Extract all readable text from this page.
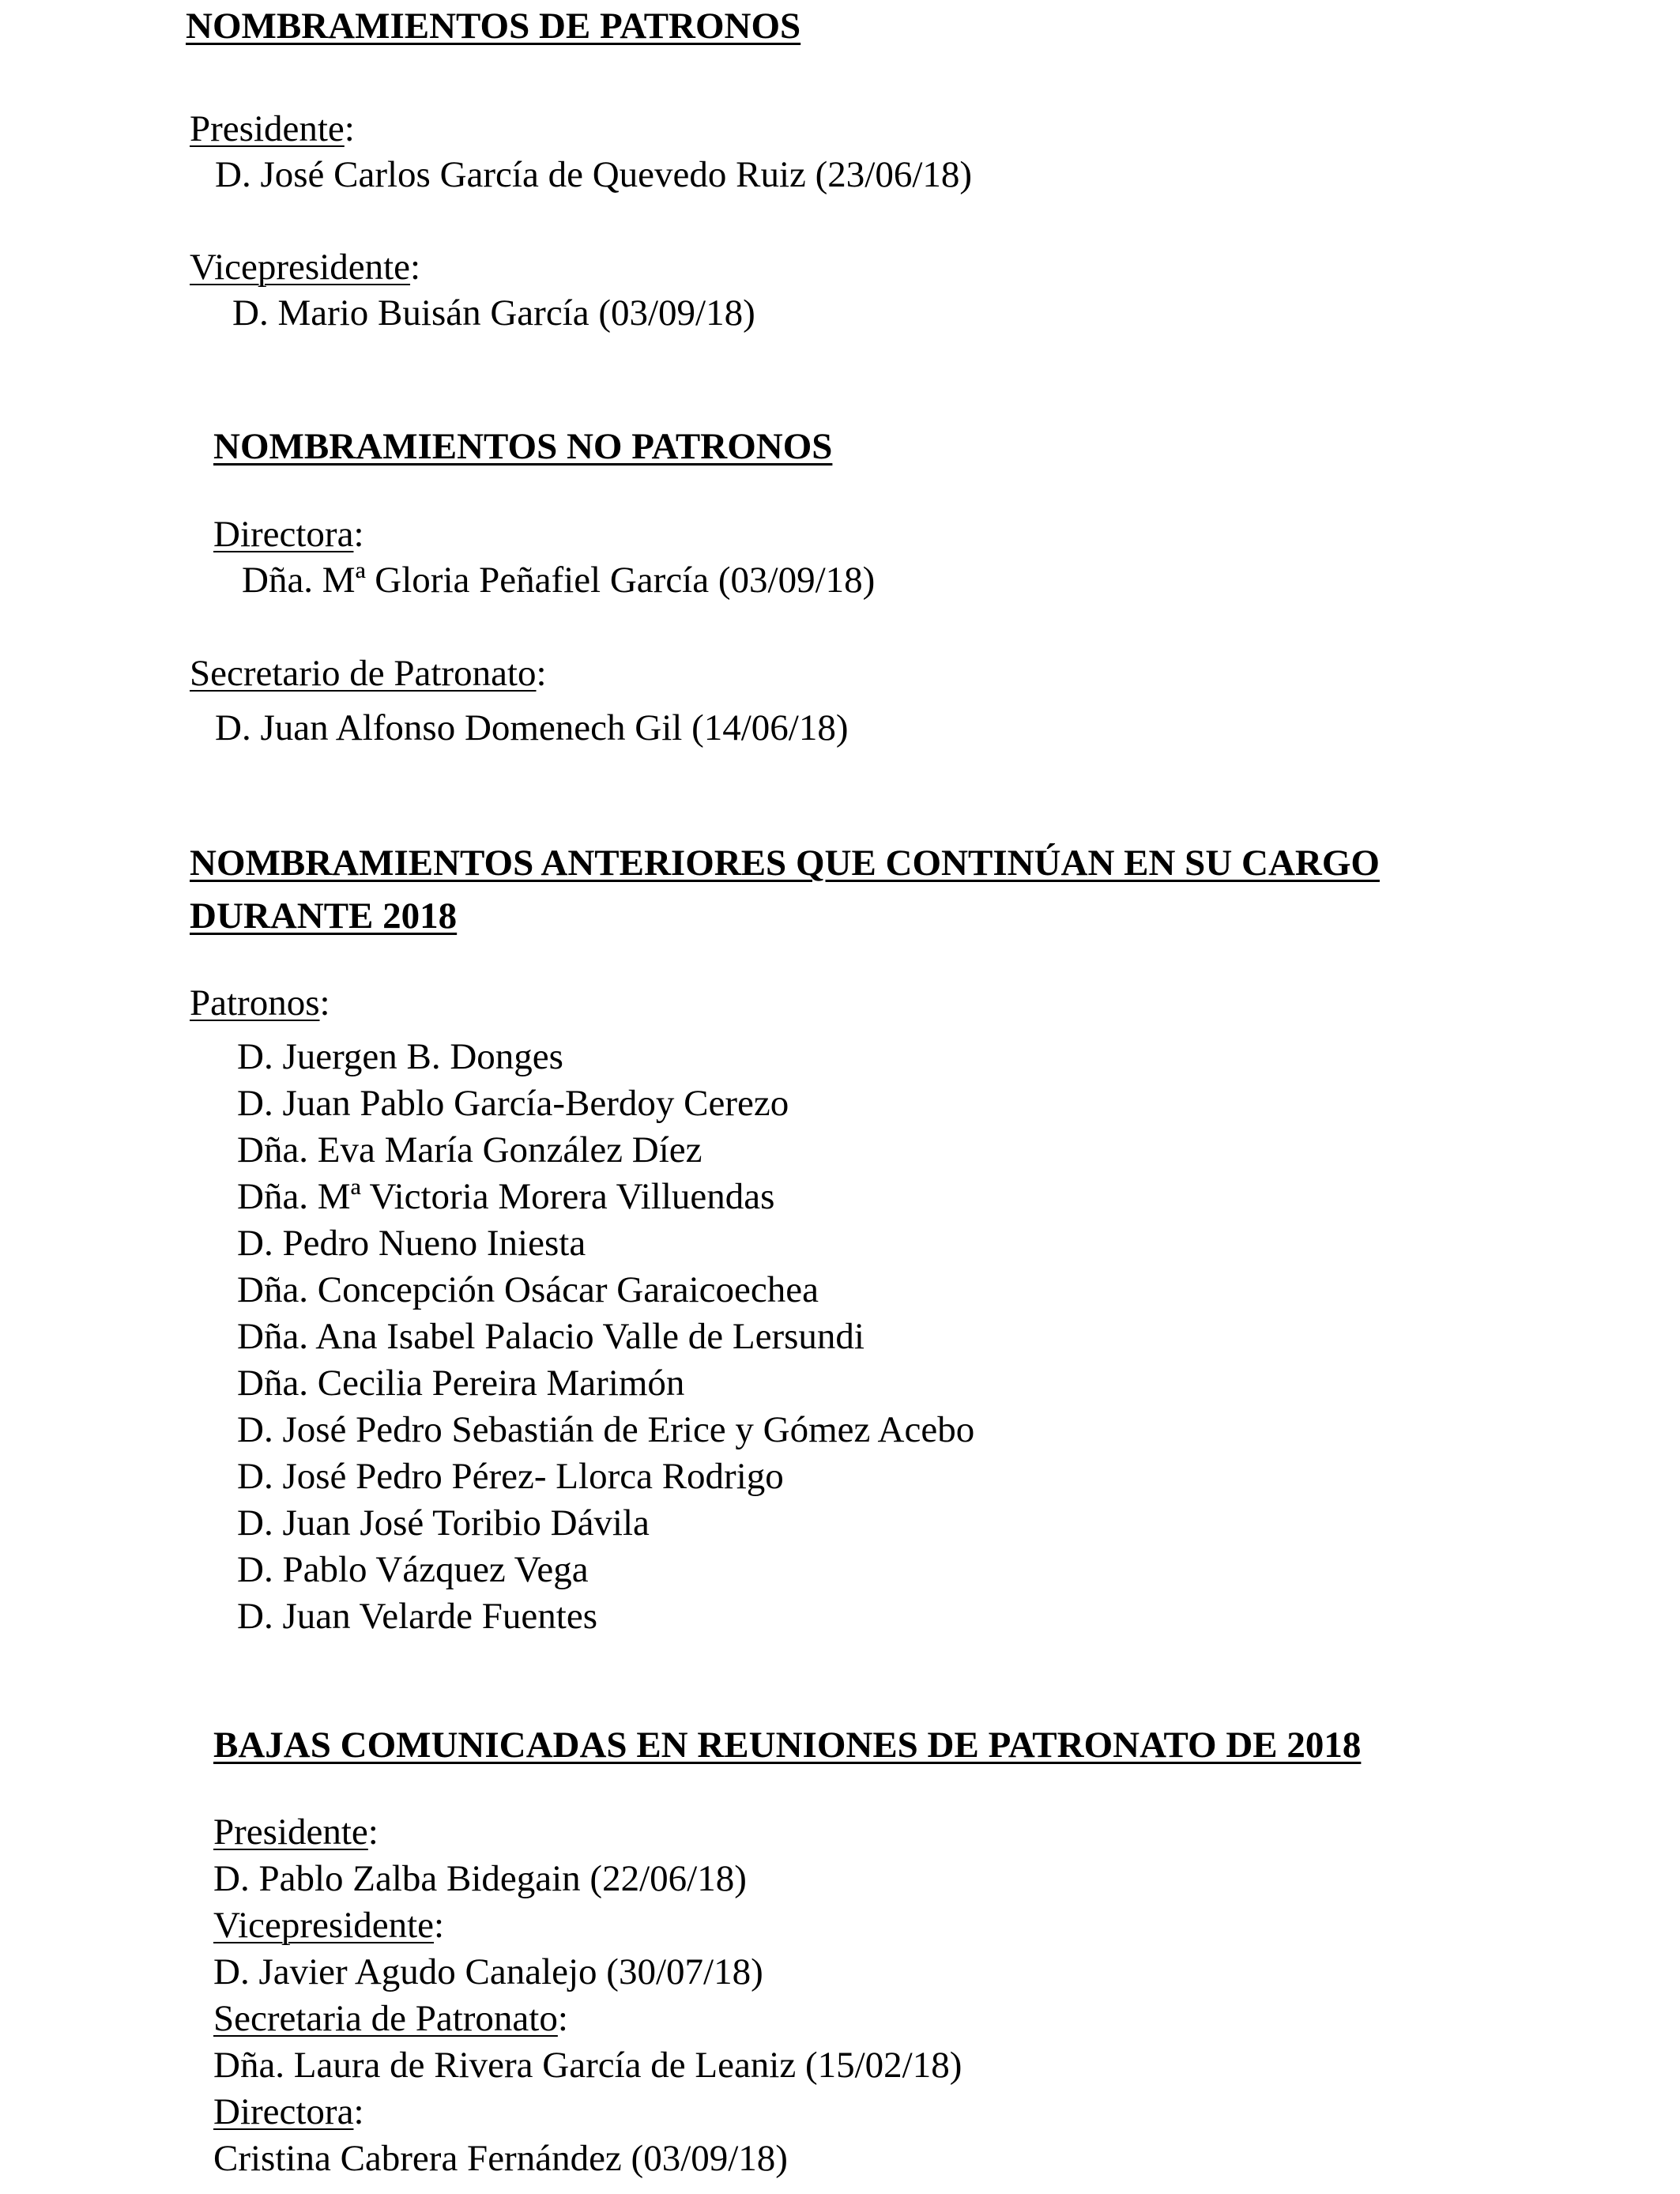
NOMBRAMIENTOS DE PATRONOS
Presidente:
D. José Carlos García de Quevedo Ruiz (23/06/18)
Vicepresidente:
D. Mario Buisán García (03/09/18)
NOMBRAMIENTOS NO PATRONOS
Directora:
Dña. Mª Gloria Peñafiel García (03/09/18)
Secretario de Patronato:
D. Juan Alfonso Domenech Gil (14/06/18)
NOMBRAMIENTOS ANTERIORES QUE CONTINÚAN EN SU CARGO
DURANTE 2018
Patronos:
D. Juergen B. Donges
D. Juan Pablo García-Berdoy Cerezo
Dña. Eva María González Díez
Dña. Mª Victoria Morera Villuendas
D. Pedro Nueno Iniesta
Dña. Concepción Osácar Garaicoechea
Dña. Ana Isabel Palacio Valle de Lersundi
Dña. Cecilia Pereira Marimón
D. José Pedro Sebastián de Erice y Gómez Acebo
D. José Pedro Pérez- Llorca Rodrigo
D. Juan José Toribio Dávila
D. Pablo Vázquez Vega
D. Juan Velarde Fuentes
BAJAS COMUNICADAS EN REUNIONES DE PATRONATO DE 2018
Presidente:
D. Pablo Zalba Bidegain (22/06/18)
Vicepresidente:
D. Javier Agudo Canalejo (30/07/18)
Secretaria de Patronato:
Dña. Laura de Rivera García de Leaniz (15/02/18)
Directora:
Cristina Cabrera Fernández (03/09/18)
